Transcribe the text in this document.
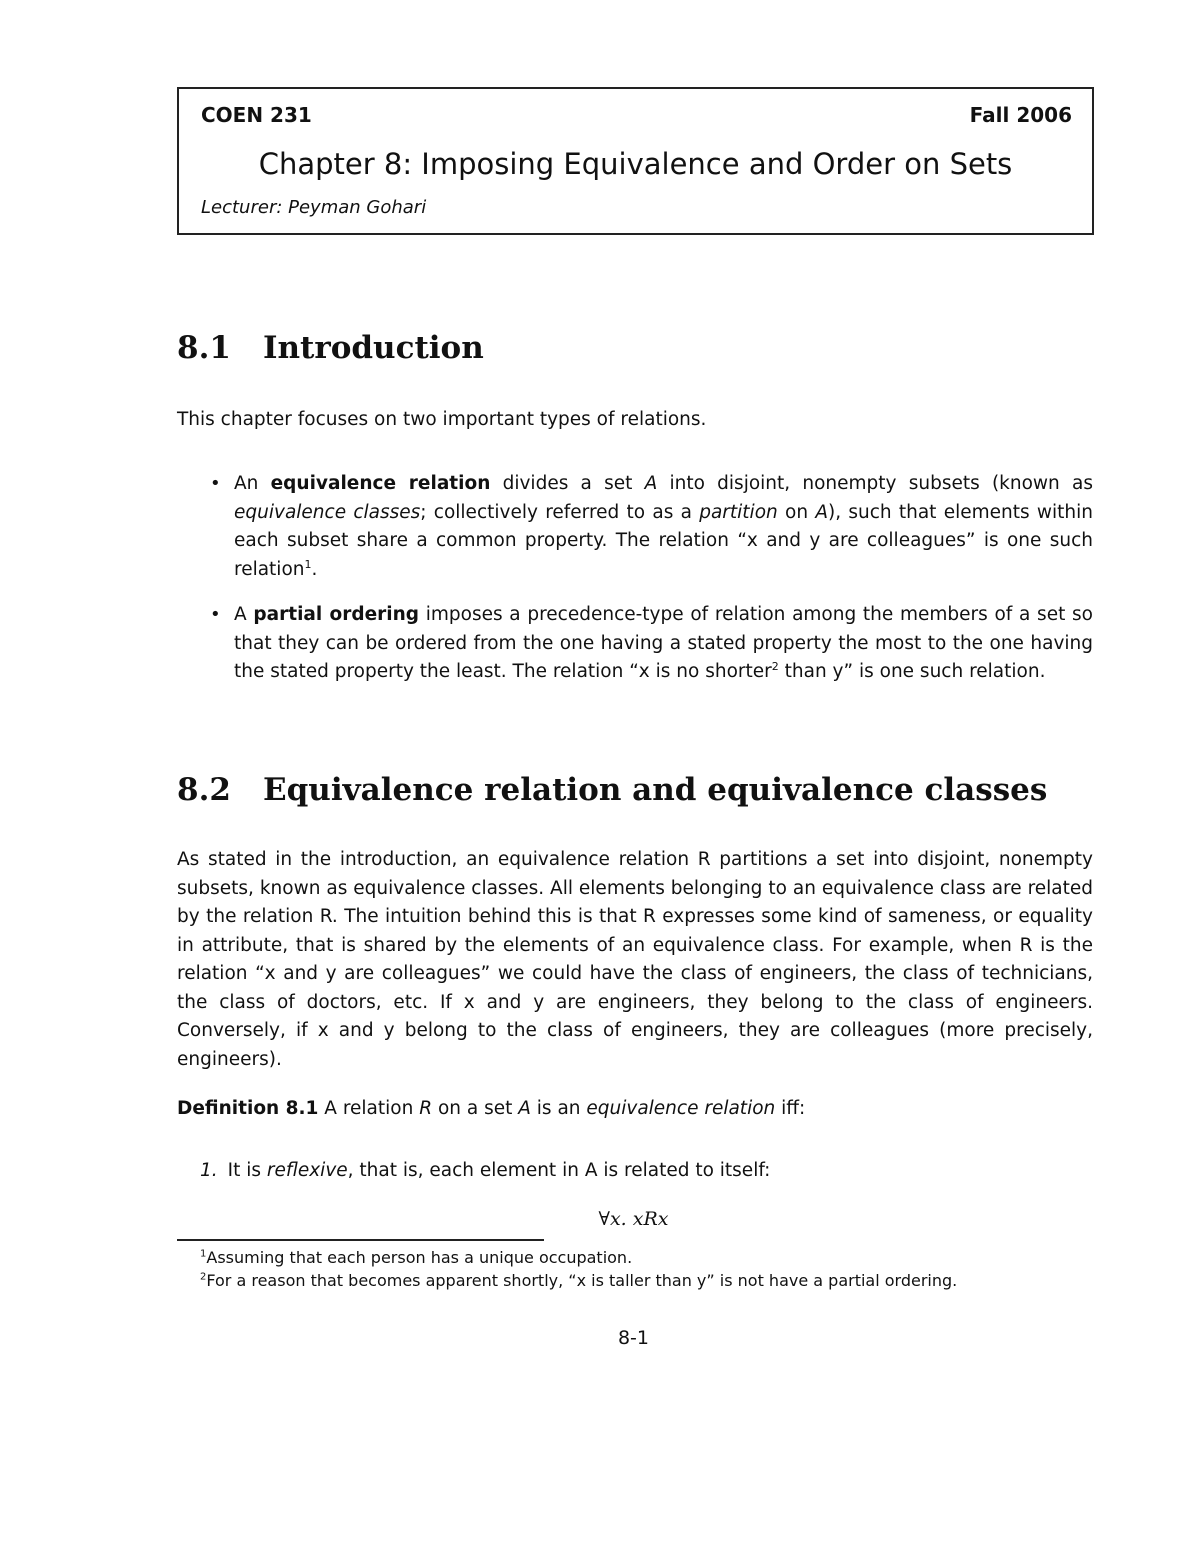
COEN 231	Fall 2006
Chapter 8: Imposing Equivalence and Order on Sets
Lecturer: Peyman Gohari
8.1 Introduction
This chapter focuses on two important types of relations.
• An equivalence relation divides a set A into disjoint, nonempty subsets (known as equivalence classes; collectively referred to as a partition on A), such that elements within each subset share a common property. The relation “x and y are colleagues” is one such relation$^1$.
• A partial ordering imposes a precedence-type of relation among the members of a set so that they can be ordered from the one having a stated property the most to the one having the stated property the least. The relation “x is no shorter$^2$ than y” is one such relation.
8.2 Equivalence relation and equivalence classes
As stated in the introduction, an equivalence relation R partitions a set into disjoint, nonempty subsets, known as equivalence classes. All elements belonging to an equivalence class are related by the relation R. The intuition behind this is that R expresses some kind of sameness, or equality in attribute, that is shared by the elements of an equivalence class. For example, when R is the relation “x and y are colleagues” we could have the class of engineers, the class of technicians, the class of doctors, etc. If x and y are engineers, they belong to the class of engineers. Conversely, if x and y belong to the class of engineers, they are colleagues (more precisely, engineers).
Definition 8.1 A relation R on a set A is an equivalence relation iff:
1. It is reflexive, that is, each element in A is related to itself:
∀x. xRx
$^1$Assuming that each person has a unique occupation.
$^2$For a reason that becomes apparent shortly, “x is taller than y” is not have a partial ordering.
8-1
